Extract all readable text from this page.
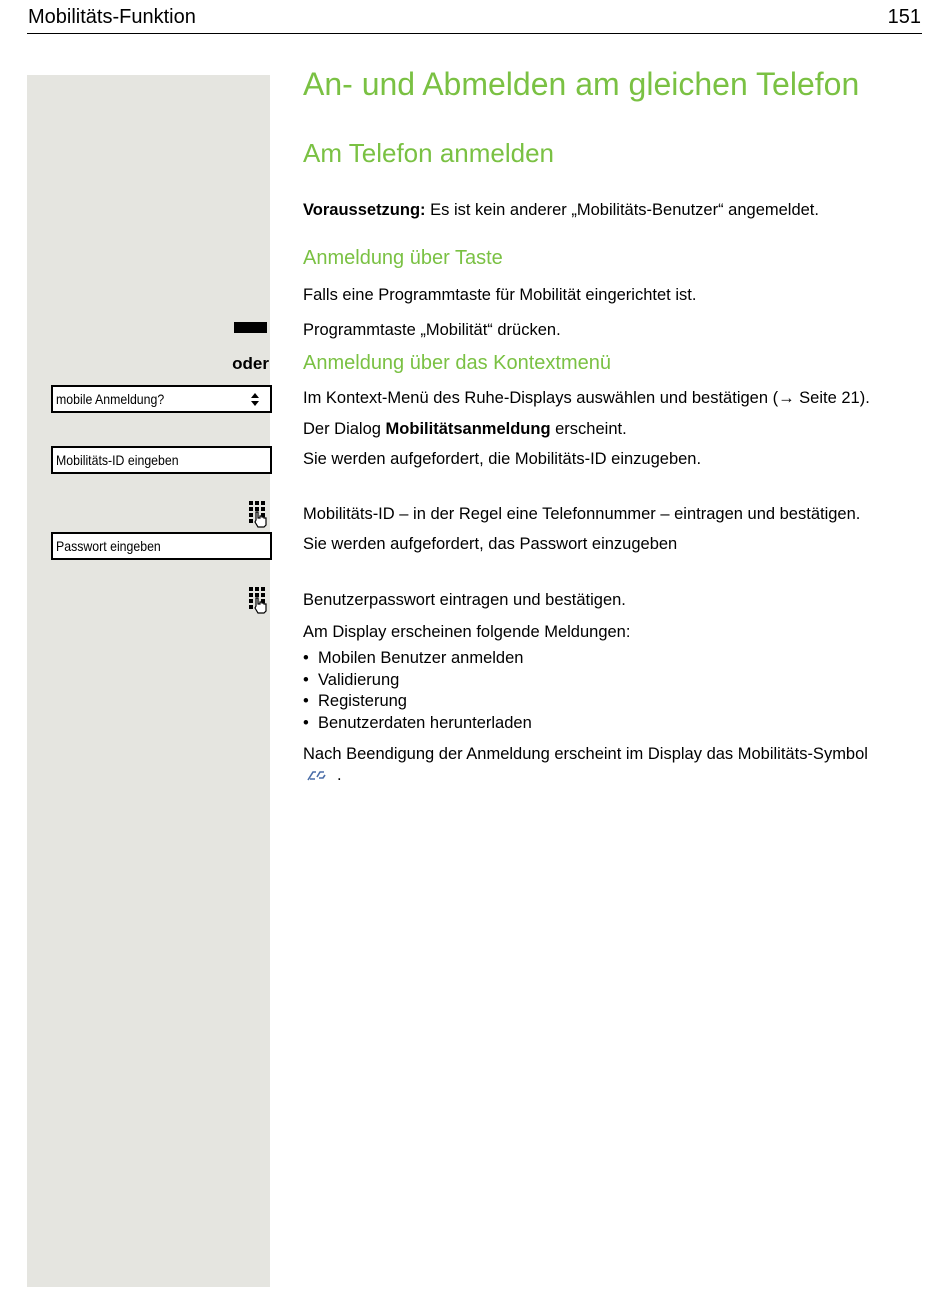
Mobilitäts-Funktion	151
oder
mobile Anmeldung?
Mobilitäts-ID eingeben
Passwort eingeben
An- und Abmelden am gleichen Telefon
Am Telefon anmelden
Voraussetzung: Es ist kein anderer „Mobilitäts-Benutzer“ angemeldet.
Anmeldung über Taste
Falls eine Programmtaste für Mobilität eingerichtet ist.
Programmtaste „Mobilität“ drücken.
Anmeldung über das Kontextmenü
Im Kontext-Menü des Ruhe-Displays auswählen und bestätigen (→ Seite 21).
Der Dialog Mobilitätsanmeldung erscheint.
Sie werden aufgefordert, die Mobilitäts-ID einzugeben.
Mobilitäts-ID – in der Regel eine Telefonnummer – eintragen und bestätigen.
Sie werden aufgefordert, das Passwort einzugeben
Benutzerpasswort eintragen und bestätigen.
Am Display erscheinen folgende Meldungen:
• Mobilen Benutzer anmelden
• Validierung
• Registerung
• Benutzerdaten herunterladen
Nach Beendigung der Anmeldung erscheint im Display das Mobilitäts-Symbol
.
